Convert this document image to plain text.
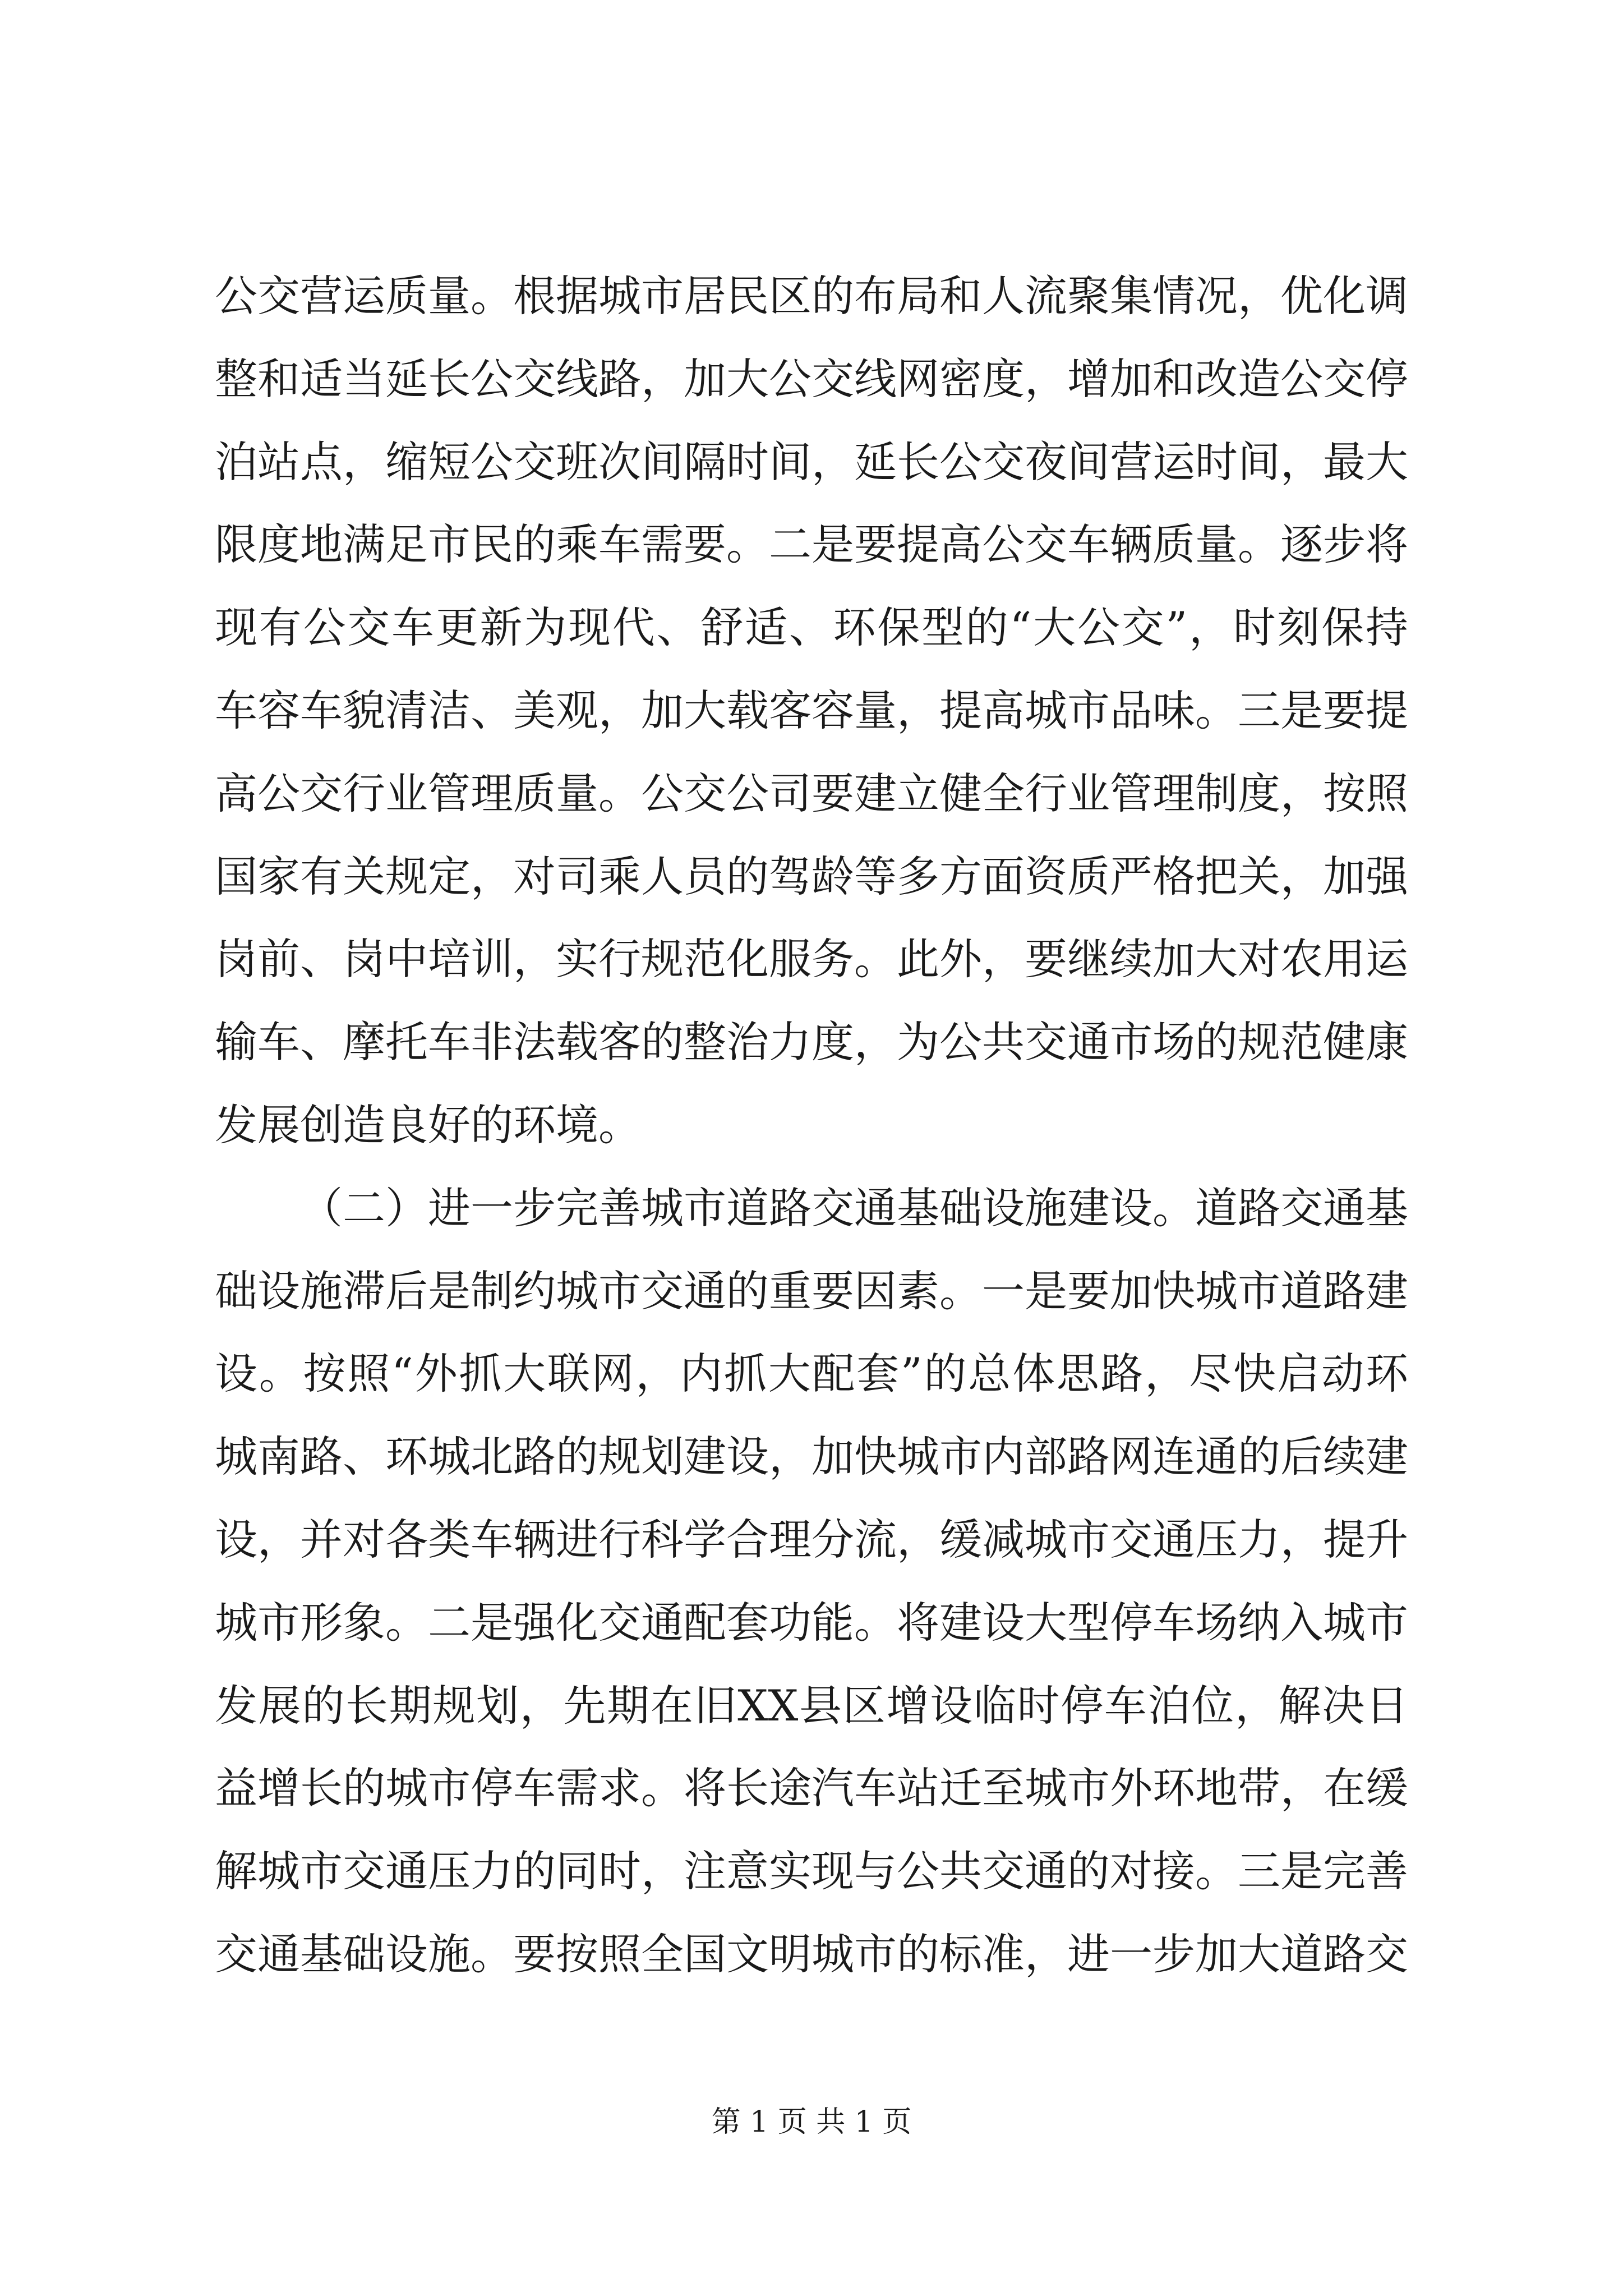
公交营运质量。根据城市居民区的布局和人流聚集情况，优化调
整和适当延长公交线路，加大公交线网密度，增加和改造公交停
泊站点，缩短公交班次间隔时间，延长公交夜间营运时间，最大
限度地满足市民的乘车需要。二是要提高公交车辆质量。逐步将
现有公交车更新为现代、舒适、环保型的“大公交”，时刻保持
车容车貌清洁、美观，加大载客容量，提高城市品味。三是要提
高公交行业管理质量。公交公司要建立健全行业管理制度，按照
国家有关规定，对司乘人员的驾龄等多方面资质严格把关，加强
岗前、岗中培训，实行规范化服务。此外，要继续加大对农用运
输车、摩托车非法载客的整治力度，为公共交通市场的规范健康
发展创造良好的环境。
（二）进一步完善城市道路交通基础设施建设。道路交通基
础设施滞后是制约城市交通的重要因素。一是要加快城市道路建
设。按照“外抓大联网，内抓大配套”的总体思路，尽快启动环
城南路、环城北路的规划建设，加快城市内部路网连通的后续建
设，并对各类车辆进行科学合理分流，缓减城市交通压力，提升
城市形象。二是强化交通配套功能。将建设大型停车场纳入城市
发展的长期规划，先期在旧XX县区增设临时停车泊位，解决日
益增长的城市停车需求。将长途汽车站迁至城市外环地带，在缓
解城市交通压力的同时，注意实现与公共交通的对接。三是完善
交通基础设施。要按照全国文明城市的标准，进一步加大道路交
第 1 页 共 1 页
